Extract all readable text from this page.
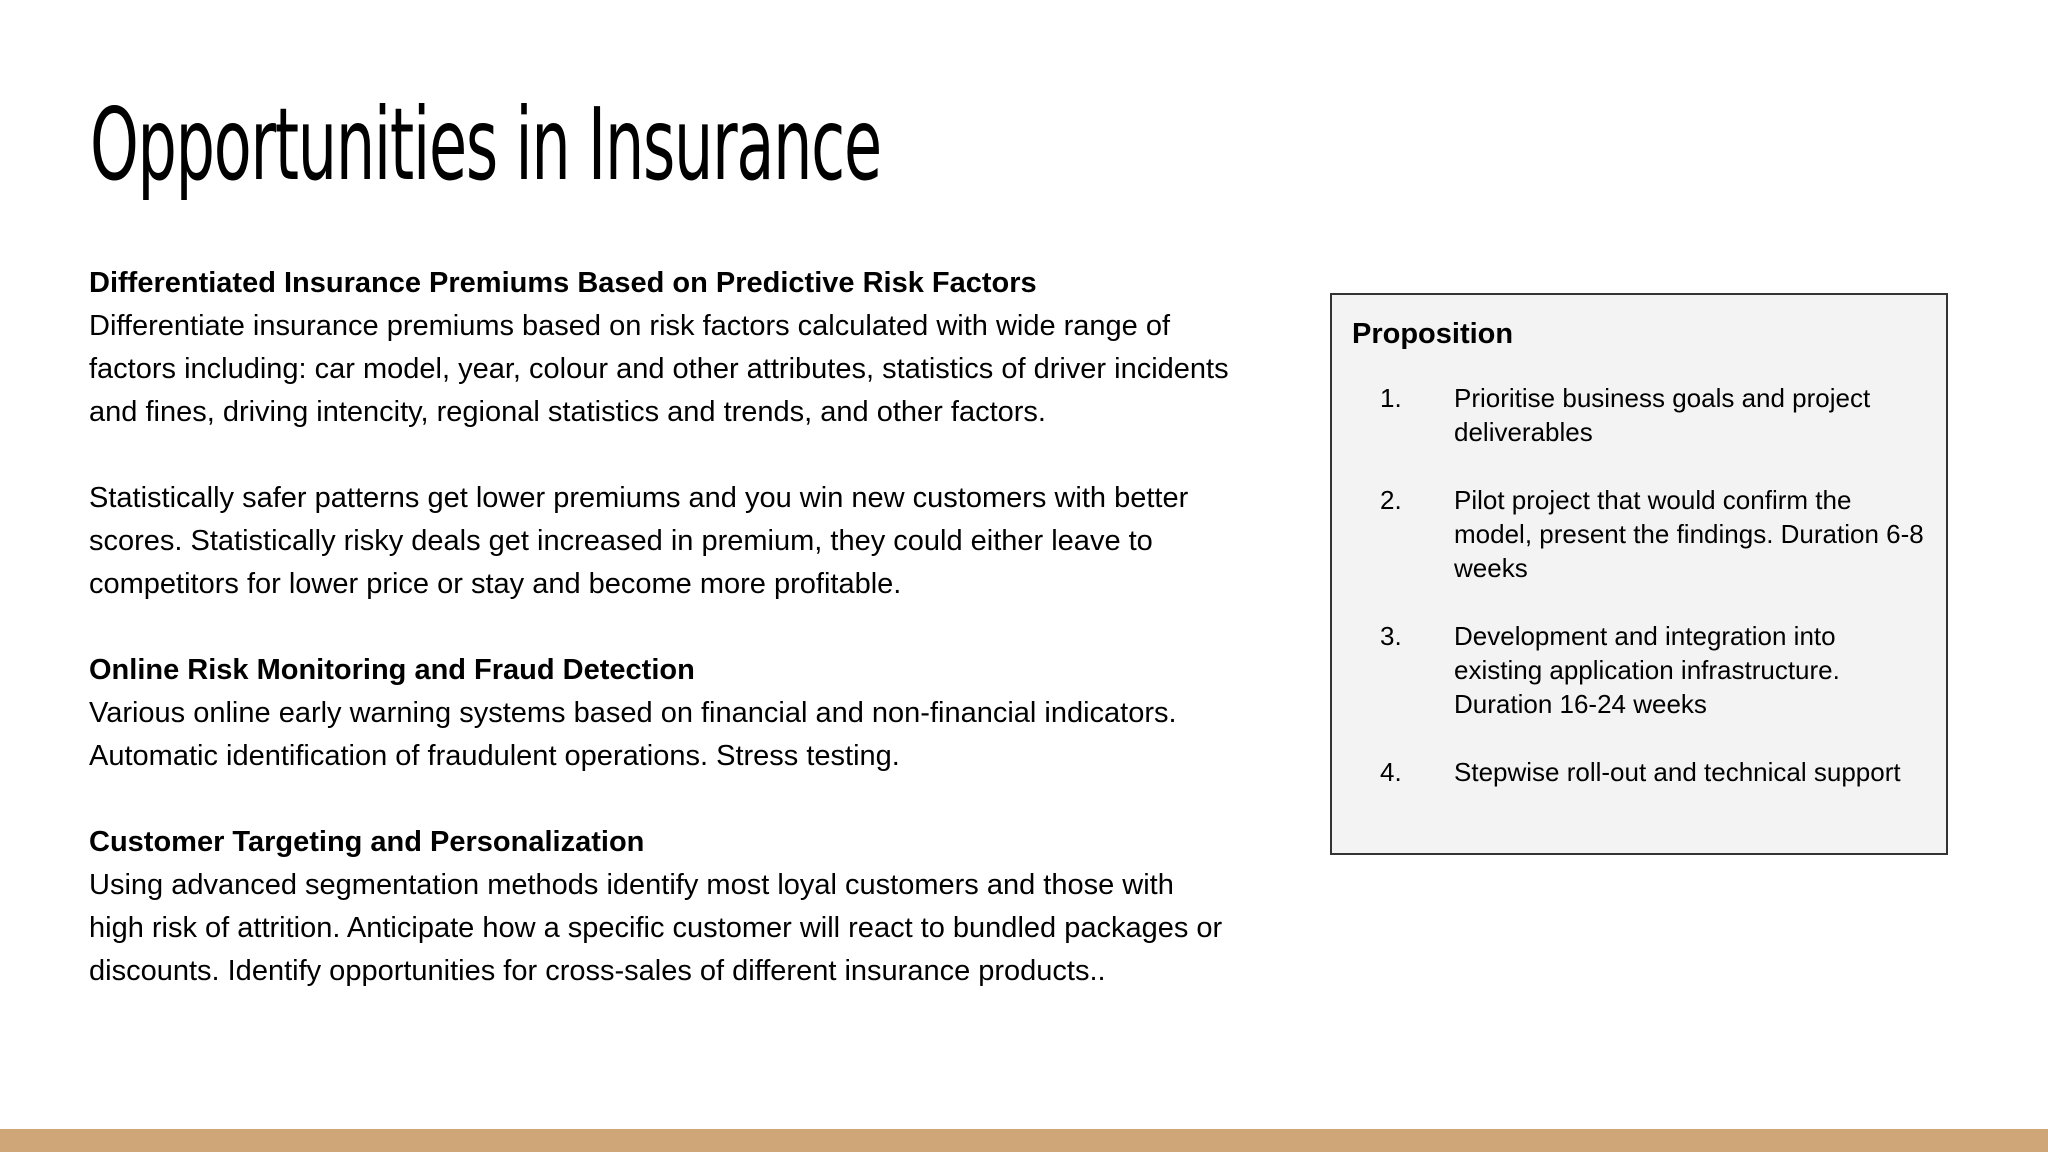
Opportunities in Insurance
Differentiated Insurance Premiums Based on Predictive Risk Factors

Differentiate insurance premiums based on risk factors calculated with wide range of factors including: car model, year, colour and other attributes, statistics of driver incidents and fines, driving intencity, regional statistics and trends, and other factors.

Statistically safer patterns get lower premiums and you win new customers with better scores. Statistically risky deals get increased in premium, they could either leave to competitors for lower price or stay and become more profitable.

Online Risk Monitoring and Fraud Detection

Various online early warning systems based on financial and non-financial indicators. Automatic identification of fraudulent operations. Stress testing.

Customer Targeting and Personalization

Using advanced segmentation methods identify most loyal customers and those with high risk of attrition. Anticipate how a specific customer will react to bundled packages or discounts. Identify opportunities for cross-sales of different insurance products..

Proposition
1.	Prioritise business goals and project deliverables
2.	Pilot project that would confirm the model, present the findings. Duration 6-8 weeks
3.	Development and integration into existing application infrastructure. Duration 16-24 weeks
4.	Stepwise roll-out and technical support
